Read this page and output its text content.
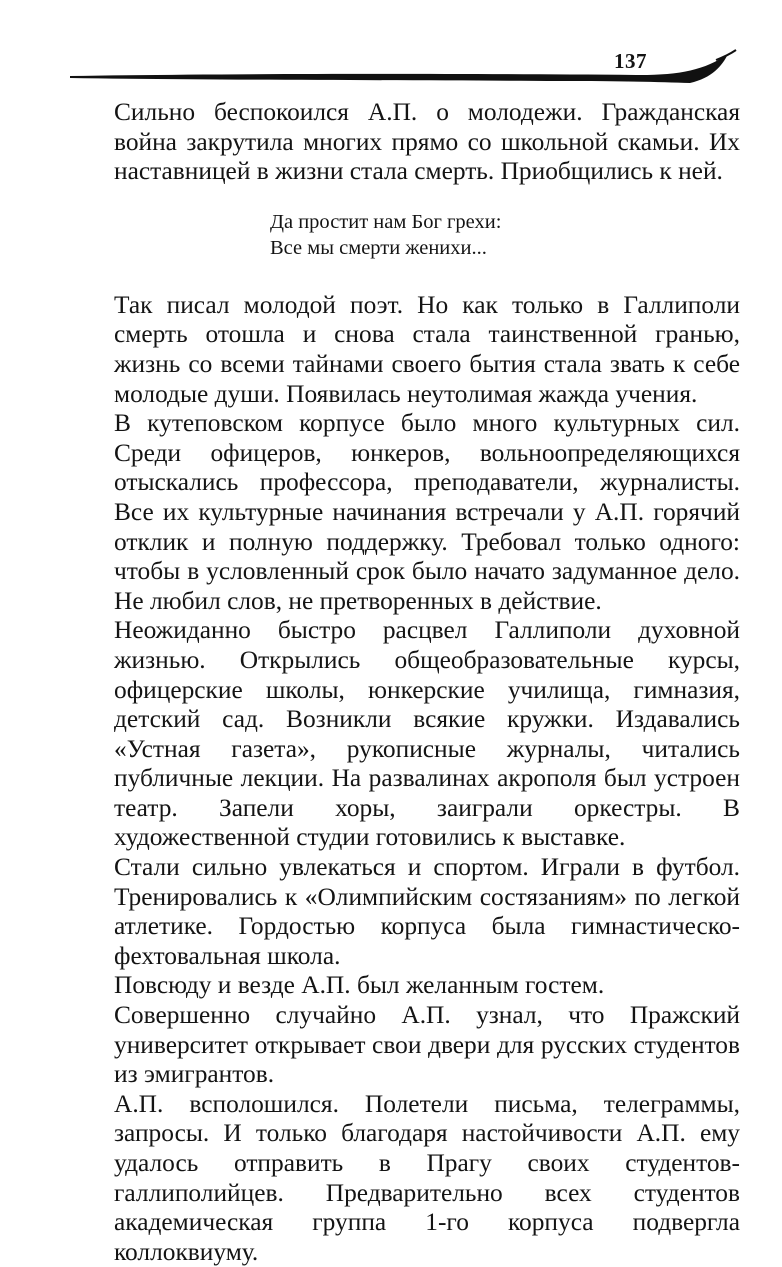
137

Сильно беспокоился А.П. о молодежи. Гражданская война закрутила многих прямо со школьной скамьи. Их наставницей в жизни стала смерть. Приобщились к ней.

Да простит нам Бог грехи:
Все мы смерти женихи...

Так писал молодой поэт. Но как только в Галлиполи смерть отошла и снова стала таинственной гранью, жизнь со всеми тайнами своего бытия стала звать к себе молодые души. Появилась неутолимая жажда учения.

В кутеповском корпусе было много культурных сил. Среди офицеров, юнкеров, вольноопределяющихся отыскались профессора, преподаватели, журналисты. Все их культурные начинания встречали у А.П. горячий отклик и полную поддержку. Требовал только одного: чтобы в условленный срок было начато задуманное дело. Не любил слов, не претворенных в действие.

Неожиданно быстро расцвел Галлиполи духовной жизнью. Открылись общеобразовательные курсы, офицерские школы, юнкерские училища, гимназия, детский сад. Возникли всякие кружки. Издавались «Устная газета», рукописные журналы, читались публичные лекции. На развалинах акрополя был устроен театр. Запели хоры, заиграли оркестры. В художественной студии готовились к выставке.

Стали сильно увлекаться и спортом. Играли в футбол. Тренировались к «Олимпийским состязаниям» по легкой атлетике. Гордостью корпуса была гимнастическо-фехтовальная школа.

Повсюду и везде А.П. был желанным гостем.

Совершенно случайно А.П. узнал, что Пражский университет открывает свои двери для русских студентов из эмигрантов.

А.П. всполошился. Полетели письма, телеграммы, запросы. И только благодаря настойчивости А.П. ему удалось отправить в Прагу своих студентов-галлиполийцев. Предварительно всех студентов академическая группа 1-го корпуса подвергла коллоквиуму.
